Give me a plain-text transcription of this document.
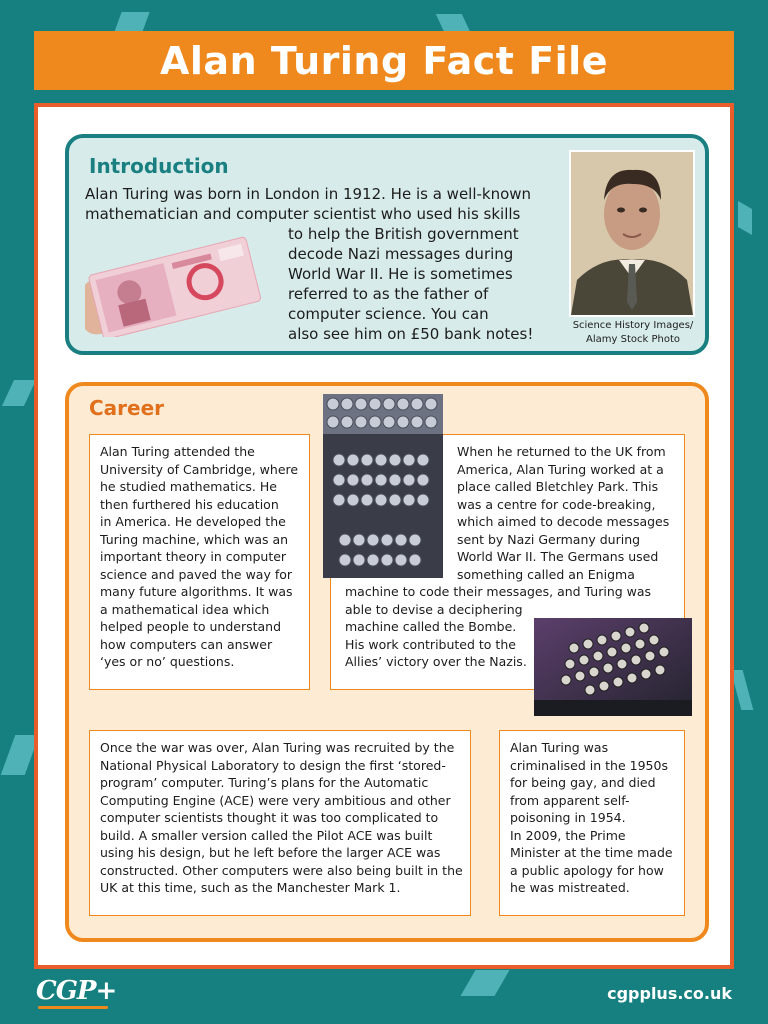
Alan Turing Fact File
Introduction
Alan Turing was born in London in 1912. He is a well-known
mathematician and computer scientist who used his skills
to help the British government
decode Nazi messages during
World War II. He is sometimes
referred to as the father of
computer science. You can
also see him on £50 bank notes!	Science History Images/
Alamy Stock Photo
Career
Alan Turing attended the
University of Cambridge, where
he studied mathematics. He
then furthered his education
in America. He developed the
Turing machine, which was an
important theory in computer
science and paved the way for
many future algorithms. It was
a mathematical idea which
helped people to understand
how computers can answer
‘yes or no’ questions.
When he returned to the UK from
America, Alan Turing worked at a
place called Bletchley Park. This
was a centre for code-breaking,
which aimed to decode messages
sent by Nazi Germany during
World War II. The Germans used
something called an Enigma
machine to code their messages, and Turing was
able to devise a deciphering
machine called the Bombe.
His work contributed to the
Allies’ victory over the Nazis.
Once the war was over, Alan Turing was recruited by the
National Physical Laboratory to design the first ‘stored-
program’ computer. Turing’s plans for the Automatic
Computing Engine (ACE) were very ambitious and other
computer scientists thought it was too complicated to
build. A smaller version called the Pilot ACE was built
using his design, but he left before the larger ACE was
constructed. Other computers were also being built in the
UK at this time, such as the Manchester Mark 1.
Alan Turing was
criminalised in the 1950s
for being gay, and died
from apparent self-
poisoning in 1954.
In 2009, the Prime
Minister at the time made
a public apology for how
he was mistreated.
CGP+	cgpplus.co.uk
